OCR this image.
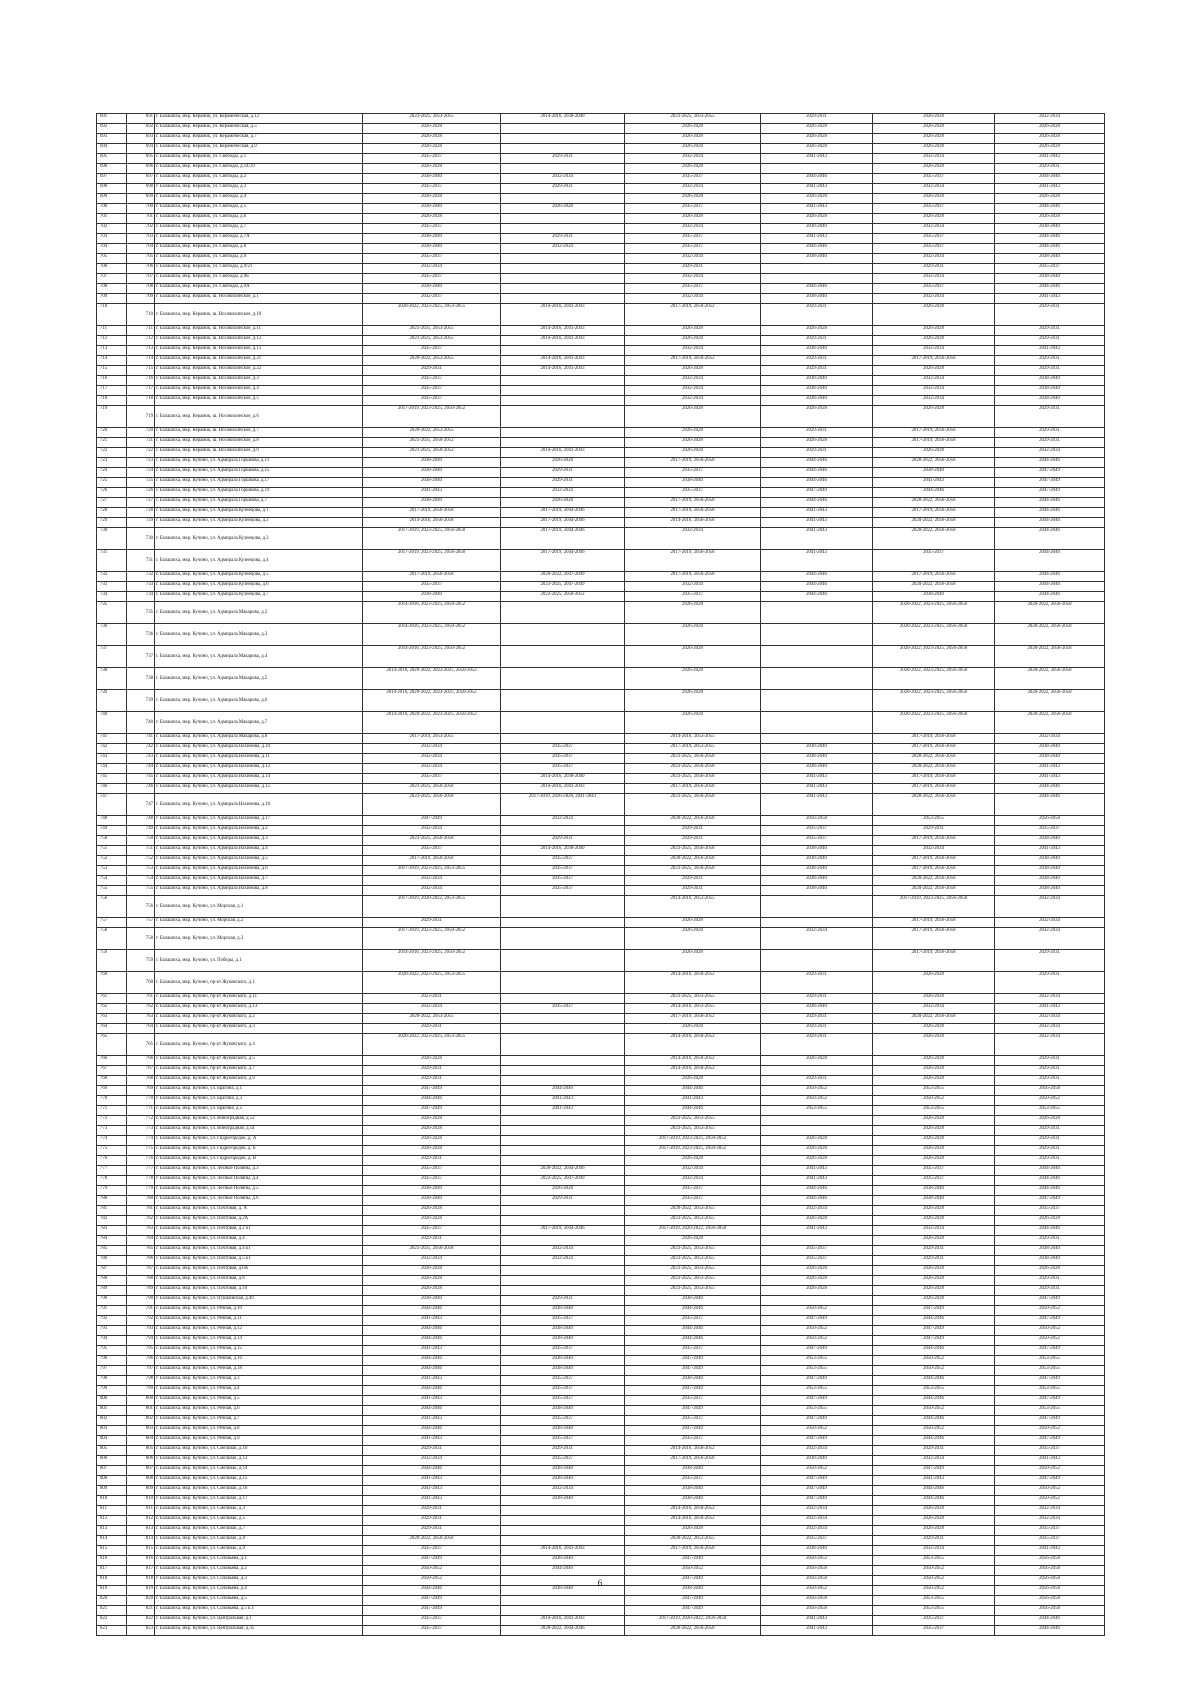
691	691	г. Балашиха, мкр. Керамик, ул. Керамическая, д.12	2023-2025, 2053-2055	2014-2016, 2038-2040	2023-2025, 2053-2055	2029-2031	2026-2028	2032-2034
692	692	г. Балашиха, мкр. Керамик, ул. Керамическая, д.5	2026-2028		2026-2028	2026-2028	2026-2028	2026-2028
693	693	г. Балашиха, мкр. Керамик, ул. Керамическая, д.7	2026-2028		2026-2028	2026-2028	2026-2028	2026-2028
694	694	г. Балашиха, мкр. Керамик, ул. Керамическая, д.9	2026-2028		2026-2028	2026-2028	2026-2028	2026-2028
695	695	г. Балашиха, мкр. Керамик, ул. Свободы, д.1	2035-2037	2029-2031	2032-2034	2041-2043	2032-2034	2041-2043
696	696	г. Балашиха, мкр. Керамик, ул. Свободы, д.14/19	2026-2028		2026-2028		2026-2028	2029-2031
697	697	г. Балашиха, мкр. Керамик, ул. Свободы, д.2	2038-2040	2032-2034	2035-2037	2044-2046	2035-2037	2044-2046
698	698	г. Балашиха, мкр. Керамик, ул. Свободы, д.3	2035-2037	2029-2031	2032-2034	2041-2043	2032-2034	2041-2043
699	699	г. Балашиха, мкр. Керамик, ул. Свободы, д.4	2026-2028		2026-2028	2026-2028	2026-2028	2026-2028
700	700	г. Балашиха, мкр. Керамик, ул. Свободы, д.5	2038-2040	2026-2028	2035-2037	2041-2043	2035-2037	2044-2046
701	701	г. Балашиха, мкр. Керамик, ул. Свободы, д.6	2026-2028		2026-2028	2026-2028	2026-2028	2026-2028
702	702	г. Балашиха, мкр. Керамик, ул. Свободы, д.7	2035-2037		2032-2034	2038-2040	2032-2034	2038-2040
703	703	г. Балашиха, мкр. Керамик, ул. Свободы, д.7А	2038-2040	2029-2031	2035-2037	2041-2043	2035-2037	2044-2046
704	704	г. Балашиха, мкр. Керамик, ул. Свободы, д.8	2038-2040	2032-2034	2035-2037	2044-2046	2035-2037	2044-2046
705	705	г. Балашиха, мкр. Керамик, ул. Свободы, д.9	2035-2037		2032-2034	2038-2040	2032-2034	2038-2040
706	706	г. Балашиха, мкр. Керамик, ул. Свободы, д.9/21	2032-2034		2029-2031		2029-2031	2035-2037
707	707	г. Балашиха, мкр. Керамик, ул. Свободы, д.9Б	2035-2037		2032-2034		2032-2034	2038-2040
708	708	г. Балашиха, мкр. Керамик, ул. Свободы, д.9А	2038-2040		2035-2037	2044-2046	2035-2037	2044-2046
709	709	г. Балашиха, мкр. Керамик, ш. Носовихинское, д.1	2032-2037		2032-2034	2038-2040	2032-2034	2041-2043
710	710	г. Балашиха, мкр. Керамик, ш. Носовихинское, д.10	2020-2022, 2023-2025, 2053-2055	2014-2016, 2041-2043	2017-2019, 2050-2052	2029-2031	2026-2028	2029-2031
711	711	г. Балашиха, мкр. Керамик, ш. Носовихинское, д.11	2023-2025, 2053-2055	2014-2016, 2041-2043	2026-2028	2026-2028	2026-2028	2029-2031
712	712	г. Балашиха, мкр. Керамик, ш. Носовихинское, д.12	2023-2025, 2053-2055	2014-2016, 2041-2043	2026-2028	2029-2031	2026-2028	2029-2031
713	713	г. Балашиха, мкр. Керамик, ш. Носовихинское, д.13	2035-2037		2032-2034	2038-2040	2032-2034	2041-2043
714	714	г. Балашиха, мкр. Керамик, ш. Носовихинское, д.21	2020-2022, 2053-2055	2014-2016, 2041-2043	2017-2019, 2050-2052	2029-2031	2017-2019, 2056-2058	2029-2031
715	715	г. Балашиха, мкр. Керамик, ш. Носовихинское, д.22	2029-2031	2014-2016, 2041-2043	2026-2028	2029-2031	2026-2028	2029-2031
716	716	г. Балашиха, мкр. Керамик, ш. Носовихинское, д.3	2035-2037		2032-2034	2038-2040	2032-2034	2038-2040
717	717	г. Балашиха, мкр. Керамик, ш. Носовихинское, д.4	2035-2037		2032-2034	2038-2040	2032-2034	2038-2040
718	718	г. Балашиха, мкр. Керамик, ш. Носовихинское, д.5	2035-2037		2032-2034	2038-2040	2032-2034	2038-2040
719	719	г. Балашиха, мкр. Керамик, ш. Носовихинское, д.6	2017-2019, 2023-2025, 2050-2052		2026-2028	2026-2028	2026-2028	2029-2031
720	720	г. Балашиха, мкр. Керамик, ш. Носовихинское, д.7	2020-2022, 2053-2055		2026-2028	2029-2031	2017-2019, 2056-2058	2029-2031
721	721	г. Балашиха, мкр. Керамик, ш. Носовихинское, д.8	2023-2025, 2050-2052		2026-2028	2026-2028	2017-2019, 2056-2058	2029-2031
722	722	г. Балашиха, мкр. Керамик, ш. Носовихинское, д.9	2023-2025, 2050-2052	2014-2016, 2041-2043	2026-2028	2029-2031	2026-2028	2032-2034
723	723	г. Балашиха, мкр. Кучино, ул. Адмирала Горшкова, д.11	2038-2040	2026-2028	2017-2019, 2056-2058	2044-2046	2020-2022, 2056-2058	2044-2046
724	724	г. Балашиха, мкр. Кучино, ул. Адмирала Горшкова, д.15	2038-2040	2029-2031	2035-2037	2044-2046	2038-2040	2047-2049
725	725	г. Балашиха, мкр. Кучино, ул. Адмирала Горшкова, д.17	2038-2040	2029-2031	2038-2040	2044-2046	2041-2043	2047-2049
726	726	г. Балашиха, мкр. Кучино, ул. Адмирала Горшкова, д.19	2041-2043	2032-2034	2035-2037	2047-2049	2044-2046	2047-2049
727	727	г. Балашиха, мкр. Кучино, ул. Адмирала Горшкова, д.7	2038-2040	2026-2028	2017-2019, 2056-2058	2044-2046	2020-2022, 2056-2058	2044-2046
728	728	г. Балашиха, мкр. Кучино, ул. Адмирала Кузнецова, д.1	2017-2019, 2056-2058	2017-2019, 2044-2046	2017-2019, 2056-2058	2041-2043	2017-2019, 2056-2058	2044-2046
729	729	г. Балашиха, мкр. Кучино, ул. Адмирала Кузнецова, д.2	2014-2016, 2056-2058	2017-2019, 2044-2046	2014-2016, 2056-2058	2041-2043	2020-2022, 2056-2058	2044-2046
730	730	г. Балашиха, мкр. Кучино, ул. Адмирала Кузнецова, д.3	2017-2019, 2023-2025, 2056-2058	2017-2019, 2044-2046	2032-2034	2041-2043	2020-2022, 2056-2058	2044-2046
731	731	г. Балашиха, мкр. Кучино, ул. Адмирала Кузнецова, д.4	2017-2019, 2023-2025, 2056-2058	2017-2019, 2044-2046	2017-2019, 2056-2058	2041-2043	2035-2037	2044-2046
732	732	г. Балашиха, мкр. Кучино, ул. Адмирала Кузнецова, д.5	2017-2019, 2056-2058	2020-2022, 2047-2049	2017-2019, 2056-2058	2044-2046	2017-2019, 2056-2058	2044-2046
733	733	г. Балашиха, мкр. Кучино, ул. Адмирала Кузнецова, д.6	2035-2037	2023-2025, 2047-2049	2032-2034	2044-2046	2020-2022, 2056-2058	2044-2046
734	734	г. Балашиха, мкр. Кучино, ул. Адмирала Кузнецова, д.7	2038-2040	2023-2025, 2050-2052	2035-2037	2044-2046	2038-2040	2044-2046
735	735	г. Балашиха, мкр. Кучино, ул. Адмирала Макарова, д.2	2014-2016, 2023-2025, 2050-2052		2026-2028		2020-2022, 2023-2025, 2056-2058	2020-2022, 2056-2058
736	736	г. Балашиха, мкр. Кучино, ул. Адмирала Макарова, д.3	2014-2016, 2023-2025, 2050-2052		2026-2028		2020-2022, 2023-2025, 2056-2058	2020-2022, 2056-2058
737	737	г. Балашиха, мкр. Кучино, ул. Адмирала Макарова, д.4	2014-2016, 2023-2025, 2050-2052		2026-2028		2020-2022, 2023-2025, 2056-2058	2020-2022, 2056-2058
738	738	г. Балашиха, мкр. Кучино, ул. Адмирала Макарова, д.5	2014-2016, 2020-2022, 2023-2025, 2050-2052		2026-2028		2020-2022, 2023-2025, 2056-2058	2020-2022, 2056-2058
739	739	г. Балашиха, мкр. Кучино, ул. Адмирала Макарова, д.6	2014-2016, 2020-2022, 2023-2025, 2050-2052		2026-2028		2020-2022, 2023-2025, 2056-2058	2020-2022, 2056-2058
740	740	г. Балашиха, мкр. Кучино, ул. Адмирала Макарова, д.7	2014-2016, 2020-2022, 2023-2025, 2050-2052		2026-2028		2020-2022, 2023-2025, 2056-2058	2020-2022, 2056-2058
741	741	г. Балашиха, мкр. Кучино, ул. Адмирала Макарова, д.8	2017-2019, 2053-2055		2014-2016, 2053-2055		2017-2019, 2056-2058	2032-2034
742	742	г. Балашиха, мкр. Кучино, ул. Адмирала Нахимова, д.10	2032-2034	2035-2037	2017-2019, 2053-2055	2038-2040	2017-2019, 2056-2058	2038-2040
743	743	г. Балашиха, мкр. Кучино, ул. Адмирала Нахимова, д.11	2032-2034	2035-2037	2023-2025, 2056-2058	2038-2040	2020-2022, 2056-2058	2038-2040
744	744	г. Балашиха, мкр. Кучино, ул. Адмирала Нахимова, д.12	2032-2034	2035-2037	2023-2025, 2056-2058	2038-2040	2020-2022, 2056-2058	2041-2043
745	745	г. Балашиха, мкр. Кучино, ул. Адмирала Нахимова, д.14	2035-2037	2014-2016, 2038-2040	2023-2025, 2056-2058	2041-2043	2017-2019, 2056-2058	2041-2043
746	746	г. Балашиха, мкр. Кучино, ул. Адмирала Нахимова, д.15	2023-2025, 2056-2058	2014-2016, 2041-2043	2017-2019, 2056-2058	2041-2043	2017-2019, 2056-2058	2044-2046
747	747	г. Балашиха, мкр. Кучино, ул. Адмирала Нахимова, д.16	2023-2025, 2056-2058	2017-2019, 2026-2028, 2041-2043	2023-2025, 2056-2058	2041-2043	2020-2022, 2056-2058	2044-2046
748	748	г. Балашиха, мкр. Кучино, ул. Адмирала Нахимова, д.17	2047-2049	2032-2034	2020-2022, 2056-2058	2056-2058	2053-2055	2056-2058
749	749	г. Балашиха, мкр. Кучино, ул. Адмирала Нахимова, д.2	2032-2034		2029-2031	2035-2037	2029-2031	2035-2037
750	750	г. Балашиха, мкр. Кучино, ул. Адмирала Нахимова, д.3	2023-2025, 2056-2058	2029-2031	2029-2031	2035-2037	2017-2019, 2056-2058	2038-2040
751	751	г. Балашиха, мкр. Кучино, ул. Адмирала Нахимова, д.4	2035-2037	2014-2016, 2038-2040	2023-2025, 2056-2058	2038-2040	2032-2034	2041-2043
752	752	г. Балашиха, мкр. Кучино, ул. Адмирала Нахимова, д.5	2017-2019, 2056-2058	2035-2037	2020-2022, 2056-2058	2038-2040	2017-2019, 2056-2058	2038-2040
753	753	г. Балашиха, мкр. Кучино, ул. Адмирала Нахимова, д.6	2017-2019, 2023-2025, 2053-2055	2035-2037	2023-2025, 2056-2058	2038-2040	2017-2019, 2056-2058	2038-2040
754	754	г. Балашиха, мкр. Кучино, ул. Адмирала Нахимова, д.7	2032-2034	2035-2037	2029-2031	2038-2040	2020-2022, 2056-2058	2038-2040
755	755	г. Балашиха, мкр. Кучино, ул. Адмирала Нахимова, д.8	2032-2034	2035-2037	2029-2031	2038-2040	2020-2022, 2056-2058	2038-2040
756	756	г. Балашиха, мкр. Кучино, ул. Морская, д.1	2017-2019, 2020-2022, 2053-2055		2014-2016, 2053-2055		2017-2019, 2023-2025, 2056-2058	2032-2034
757	757	г. Балашиха, мкр. Кучино, ул. Морская, д.2	2029-2031		2026-2028		2017-2019, 2056-2058	2032-2034
758	758	г. Балашиха, мкр. Кучино, ул. Морская, д.3	2017-2019, 2023-2025, 2050-2052		2026-2028	2032-2034	2017-2019, 2056-2058	2032-2034
759	759	г. Балашиха, мкр. Кучино, ул. Победы, д.1	2014-2016, 2023-2025, 2050-2052		2026-2028		2017-2019, 2056-2058	2029-2031
760	760	г. Балашиха, мкр. Кучино, пр-кт Жуковского, д.1	2020-2022, 2023-2025, 2053-2055		2014-2016, 2050-2052	2029-2031	2026-2028	2029-2031
761	761	г. Балашиха, мкр. Кучино, пр-кт Жуковского, д.11	2023-2031		2023-2025, 2053-2055	2029-2031	2026-2028	2032-2034
762	762	г. Балашиха, мкр. Кучино, пр-кт Жуковского, д.13	2032-2034	2035-2037	2014-2016, 2053-2055	2038-2040	2032-2034	2041-2043
763	763	г. Балашиха, мкр. Кучино, пр-кт Жуковского, д.2	2020-2022, 2053-2055		2017-2019, 2050-2052	2029-2031	2020-2022, 2056-2058	2032-2034
764	764	г. Балашиха, мкр. Кучино, пр-кт Жуковского, д.3	2029-2031		2026-2028	2029-2031	2026-2028	2032-2034
765	765	г. Балашиха, мкр. Кучино, пр-кт Жуковского, д.4	2020-2022, 2023-2025, 2053-2055		2014-2016, 2050-2052	2029-2031	2026-2028	2032-2034
766	766	г. Балашиха, мкр. Кучино, пр-кт Жуковского, д.5	2026-2028		2014-2016, 2050-2052	2026-2028	2026-2028	2029-2031
767	767	г. Балашиха, мкр. Кучино, пр-кт Жуковского, д.7	2029-2031		2014-2016, 2050-2052		2026-2028	2029-2031
768	768	г. Балашиха, мкр. Кучино, пр-кт Жуковского, д.9	2029-2031		2026-2028	2029-2031	2026-2028	2029-2031
769	769	г. Балашиха, мкр. Кучино, ул. Брагина, д.1	2047-2049	2044-2046	2044-2046	2050-2052	2053-2055	2056-2058
770	770	г. Балашиха, мкр. Кучино, ул. Брагина, д.3	2044-2046	2041-2043	2041-2043	2050-2052	2050-2052	2050-2052
771	771	г. Балашиха, мкр. Кучино, ул. Брагина, д.5	2047-2049	2041-2043	2044-2046	2053-2055	2053-2055	2053-2055
772	772	г. Балашиха, мкр. Кучино, ул. Виноградная, д.52	2026-2028		2023-2025, 2053-2055		2026-2028	2026-2028
773	773	г. Балашиха, мкр. Кучино, ул. Виноградная, д.54	2026-2028		2023-2025, 2053-2055		2026-2028	2029-2031
774	774	г. Балашиха, мкр. Кучино, ул. Гидрогородок, д. А	2026-2028		2017-2019, 2023-2025, 2050-2052	2026-2028	2026-2028	2029-2031
775	775	г. Балашиха, мкр. Кучино, ул. Гидрогородок, д. Б	2026-2028		2017-2019, 2023-2025, 2050-2052	2026-2028	2026-2028	2029-2031
776	776	г. Балашиха, мкр. Кучино, ул. Гидрогородок, д. В	2029-2031		2026-2028	2026-2028	2026-2028	2029-2031
777	777	г. Балашиха, мкр. Кучино, ул. Лесные Поляны, д.3	2035-2037	2020-2022, 2044-2046	2032-2034	2041-2043	2035-2037	2044-2046
778	778	г. Балашиха, мкр. Кучино, ул. Лесные Поляны, д.4	2035-2037	2023-2025, 2047-2049	2032-2034	2041-2043	2035-2037	2044-2046
779	779	г. Балашиха, мкр. Кучино, ул. Лесные Поляны, д.5	2038-2040	2026-2028	2035-2037	2044-2046	2038-2040	2044-2046
780	780	г. Балашиха, мкр. Кучино, ул. Лесные Поляны, д.6	2038-2040	2029-2031	2035-2037	2044-2046	2038-2040	2047-2049
781	781	г. Балашиха, мкр. Кучино, ул. Почтовая, д. А	2026-2028		2020-2022, 2053-2055	2032-2034	2026-2028	2035-2037
782	782	г. Балашиха, мкр. Кучино, ул. Почтовая, д.2А	2026-2028		2023-2025, 2053-2055	2026-2028	2026-2028	2026-2028
783	783	г. Балашиха, мкр. Кучино, ул. Почтовая, д.2 к1	2035-2037	2017-2019, 2044-2046	2017-2019, 2020-2022, 2056-2058	2041-2043	2032-2034	2044-2046
784	784	г. Балашиха, мкр. Кучино, ул. Почтовая, д.4	2029-2031		2026-2028		2026-2028	2029-2031
785	785	г. Балашиха, мкр. Кучино, ул. Почтовая, д.4 к1	2023-2025, 2056-2058	2032-2034	2023-2025, 2053-2055	2035-2037	2029-2031	2038-2040
786	786	г. Балашиха, мкр. Кучино, ул. Почтовая, д.5 к1	2032-2034	2032-2034	2023-2025, 2053-2055	2035-2037	2029-2031	2038-2040
787	787	г. Балашиха, мкр. Кучино, ул. Почтовая, д.6А	2026-2028		2023-2025, 2053-2055	2026-2028	2026-2028	2026-2028
788	788	г. Балашиха, мкр. Кучино, ул. Почтовая, д.8	2026-2028		2023-2025, 2053-2055	2026-2028	2026-2028	2029-2031
789	789	г. Балашиха, мкр. Кучино, ул. Почтовая, д.10	2026-2028		2023-2025, 2053-2055	2026-2028	2026-2028	2029-2031
790	790	г. Балашиха, мкр. Кучино, ул. Пушкинская, д.49	2038-2040	2029-2031	2038-2040		2026-2028	2047-2049
791	791	г. Балашиха, мкр. Кучино, ул. Речная, д.10	2044-2046	2038-2040	2044-2046	2050-2052	2047-2049	2050-2052
792	792	г. Балашиха, мкр. Кучино, ул. Речная, д.11	2041-2043	2035-2037	2035-2037	2047-2049	2044-2046	2047-2049
793	793	г. Балашиха, мкр. Кучино, ул. Речная, д.12	2044-2046	2038-2040	2044-2046	2050-2052	2047-2049	2050-2052
794	794	г. Балашиха, мкр. Кучино, ул. Речная, д.14	2044-2046	2038-2040	2044-2046	2050-2052	2047-2049	2050-2052
795	795	г. Балашиха, мкр. Кучино, ул. Речная, д.15	2041-2043	2035-2037	2035-2037	2047-2049	2044-2046	2047-2049
796	796	г. Балашиха, мкр. Кучино, ул. Речная, д.16	2044-2046	2038-2040	2047-2049	2053-2055	2050-2052	2053-2055
797	797	г. Балашиха, мкр. Кучино, ул. Речная, д.18	2044-2046	2038-2040	2047-2049	2053-2055	2050-2052	2053-2055
798	798	г. Балашиха, мкр. Кучино, ул. Речная, д.3	2041-2043	2035-2037	2038-2040	2047-2049	2044-2046	2047-2049
799	799	г. Балашиха, мкр. Кучино, ул. Речная, д.4	2044-2046	2035-2037	2047-2049	2053-2055	2053-2055	2053-2055
800	800	г. Балашиха, мкр. Кучино, ул. Речная, д.5	2041-2043	2035-2037	2035-2037	2047-2049	2044-2046	2047-2049
801	801	г. Балашиха, мкр. Кучино, ул. Речная, д.6	2044-2046	2038-2040	2047-2049	2053-2055	2050-2052	2053-2055
802	802	г. Балашиха, мкр. Кучино, ул. Речная, д.7	2041-2043	2035-2037	2035-2037	2047-2049	2044-2046	2047-2049
803	803	г. Балашиха, мкр. Кучино, ул. Речная, д.8	2044-2046	2038-2040	2047-2049	2050-2052	2050-2052	2050-2052
804	804	г. Балашиха, мкр. Кучино, ул. Речная, д.9	2041-2043	2035-2037	2035-2037	2047-2049	2044-2046	2047-2049
805	805	г. Балашиха, мкр. Кучино, ул. Смельчак, д.10	2029-2031	2029-2031	2014-2016, 2050-2052	2032-2034	2029-2031	2035-2037
806	806	г. Балашиха, мкр. Кучино, ул. Смельчак, д.12	2032-2034	2035-2037	2017-2019, 2056-2058	2038-2040	2032-2034	2041-2043
807	807	г. Балашиха, мкр. Кучино, ул. Смельчак, д.14	2044-2046	2038-2040	2038-2040	2050-2052	2047-2049	2050-2052
808	808	г. Балашиха, мкр. Кучино, ул. Смельчак, д.15	2041-2043	2038-2040	2035-2037	2047-2049	2041-2043	2047-2049
809	809	г. Балашиха, мкр. Кучино, ул. Смельчак, д.16	2041-2043	2032-2034	2038-2040	2047-2049	2044-2046	2050-2052
810	810	г. Балашиха, мкр. Кучино, ул. Смельчак, д.17	2041-2043	2038-2040	2038-2040	2047-2049	2044-2046	2050-2052
811	811	г. Балашиха, мкр. Кучино, ул. Смельчак, д.3	2029-2031		2014-2016, 2050-2052	2032-2034	2026-2028	2032-2034
812	812	г. Балашиха, мкр. Кучино, ул. Смельчак, д.5	2029-2031		2014-2016, 2050-2052	2032-2034	2026-2028	2032-2034
813	813	г. Балашиха, мкр. Кучино, ул. Смельчак, д.7	2029-2031		2026-2028	2032-2034	2026-2028	2035-2037
814	814	г. Балашиха, мкр. Кучино, ул. Смельчак, д.8	2020-2022, 2056-2058		2020-2022, 2053-2055	2035-2037	2029-2031	2035-2037
815	815	г. Балашиха, мкр. Кучино, ул. Смельчак, д.9	2035-2037	2014-2016, 2041-2043	2017-2019, 2056-2058	2038-2040	2032-2034	2041-2043
816	816	г. Балашиха, мкр. Кучино, ул. Соловьева, д.1	2047-2049	2038-2040	2047-2049	2050-2052	2053-2055	2056-2058
817	817	г. Балашиха, мкр. Кучино, ул. Соловьева, д.2	2050-2052	2044-2046	2050-2052	2056-2058	2050-2052	2056-2058
818	818	г. Балашиха, мкр. Кучино, ул. Соловьева, д.3	2050-2052		2047-2049	2056-2058	2050-2052	2056-2058
819	819	г. Балашиха, мкр. Кучино, ул. Соловьева, д.4	2044-2046	2038-2040	2038-2040	2050-2052	2050-2052	2056-2058
820	820	г. Балашиха, мкр. Кучино, ул. Соловьева, д.5	2047-2049		2047-2049	2056-2058	2053-2055	2056-2058
821	821	г. Балашиха, мкр. Кучино, ул. Соловьева, д.5 к.1	2047-2049		2047-2049	2056-2058	2053-2055	2056-2058
822	822	г. Балашиха, мкр. Кучино, ул. Центральная, д.1	2035-2037	2014-2016, 2041-2043	2017-2019, 2020-2022, 2056-2058	2041-2043	2035-2037	2044-2046
823	823	г. Балашиха, мкр. Кучино, ул. Центральная, д.35	2035-2037	2020-2022, 2044-2046	2020-2022, 2056-2058	2041-2043	2035-2037	2044-2046
6
